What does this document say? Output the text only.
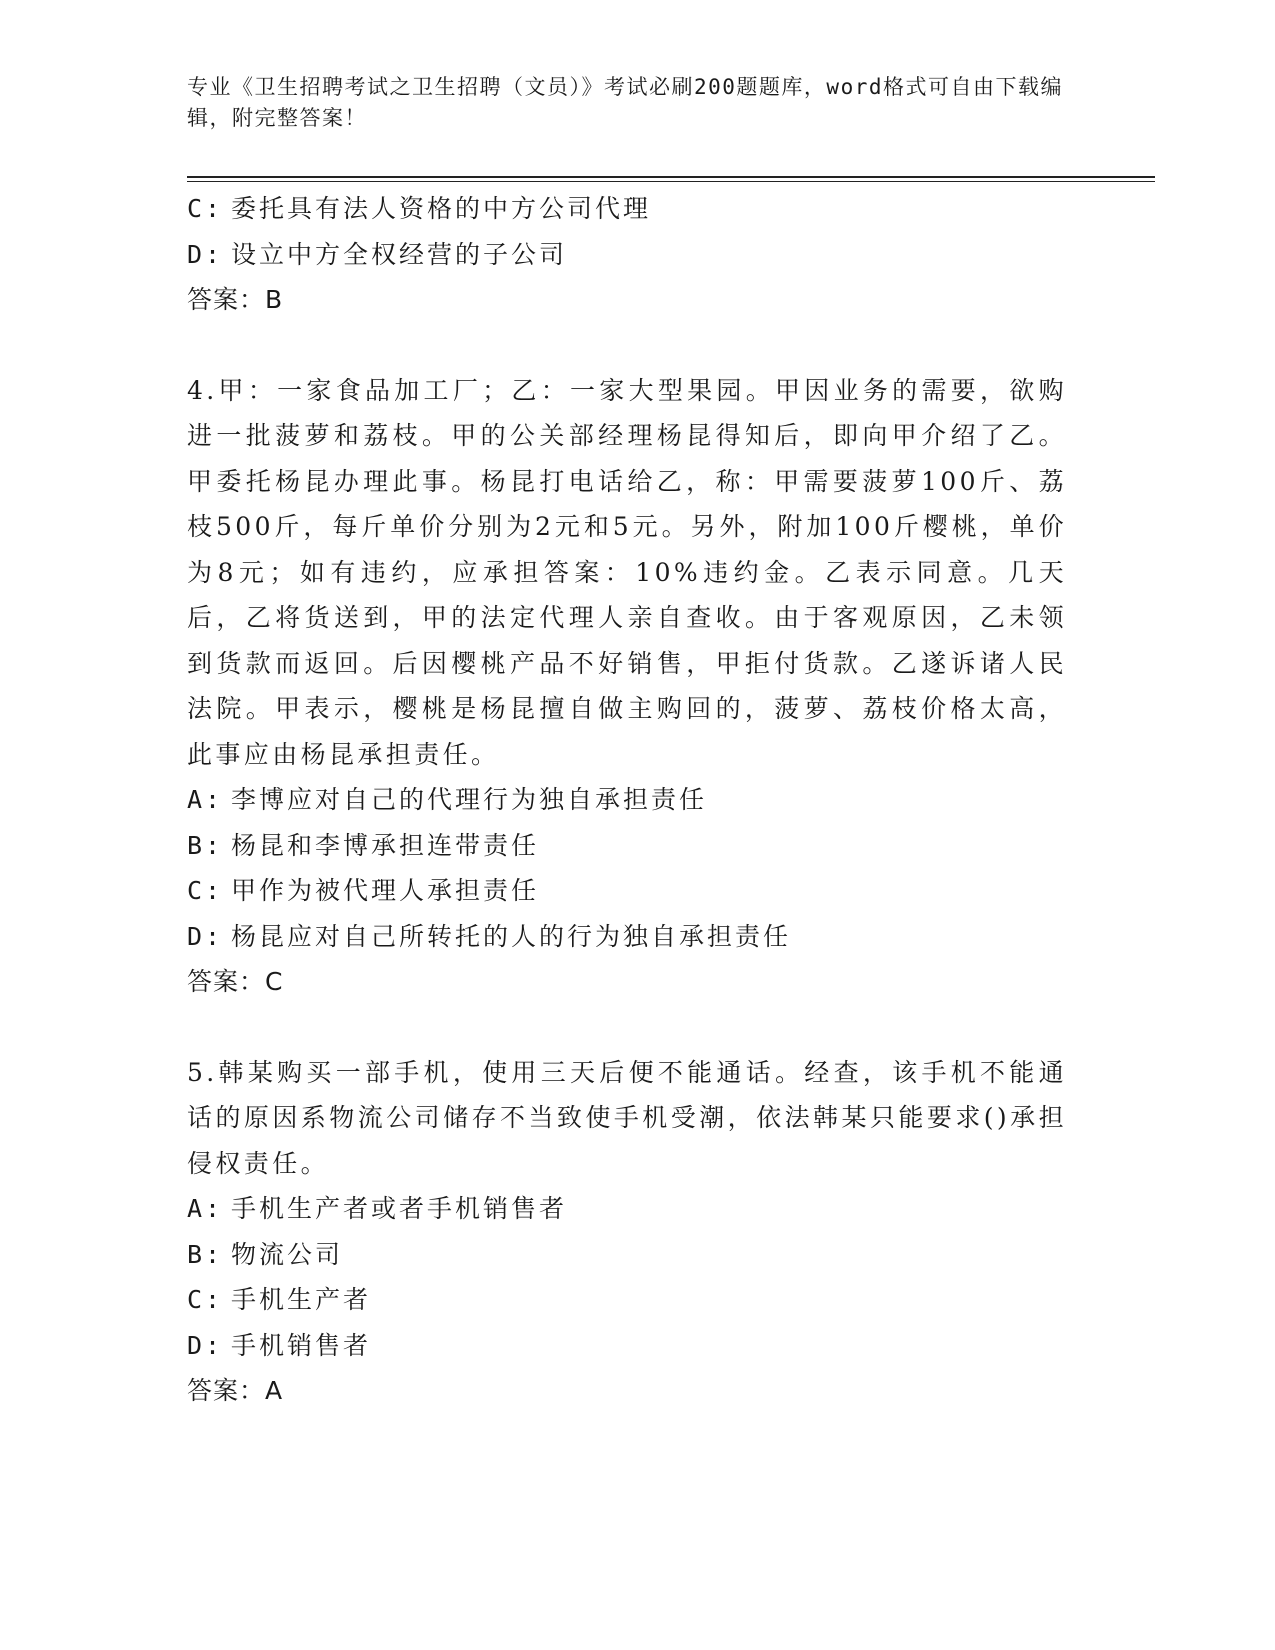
专业《卫生招聘考试之卫生招聘（文员）》考试必刷200题题库，word格式可自由下载编辑，附完整答案！
C: 委托具有法人资格的中方公司代理
D: 设立中方全权经营的子公司
答案：B
4.甲：一家食品加工厂；乙：一家大型果园。甲因业务的需要，欲购进一批菠萝和荔枝。甲的公关部经理杨昆得知后，即向甲介绍了乙。甲委托杨昆办理此事。杨昆打电话给乙，称：甲需要菠萝100斤、荔枝500斤，每斤单价分别为2元和5元。另外，附加100斤樱桃，单价为8元；如有违约，应承担答案：10%违约金。乙表示同意。几天后，乙将货送到，甲的法定代理人亲自查收。由于客观原因，乙未领到货款而返回。后因樱桃产品不好销售，甲拒付货款。乙遂诉诸人民法院。甲表示，樱桃是杨昆擅自做主购回的，菠萝、荔枝价格太高，此事应由杨昆承担责任。
A: 李博应对自己的代理行为独自承担责任
B: 杨昆和李博承担连带责任
C: 甲作为被代理人承担责任
D: 杨昆应对自己所转托的人的行为独自承担责任
答案：C
5.韩某购买一部手机，使用三天后便不能通话。经查，该手机不能通话的原因系物流公司储存不当致使手机受潮，依法韩某只能要求()承担侵权责任。
A: 手机生产者或者手机销售者
B: 物流公司
C: 手机生产者
D: 手机销售者
答案：A
